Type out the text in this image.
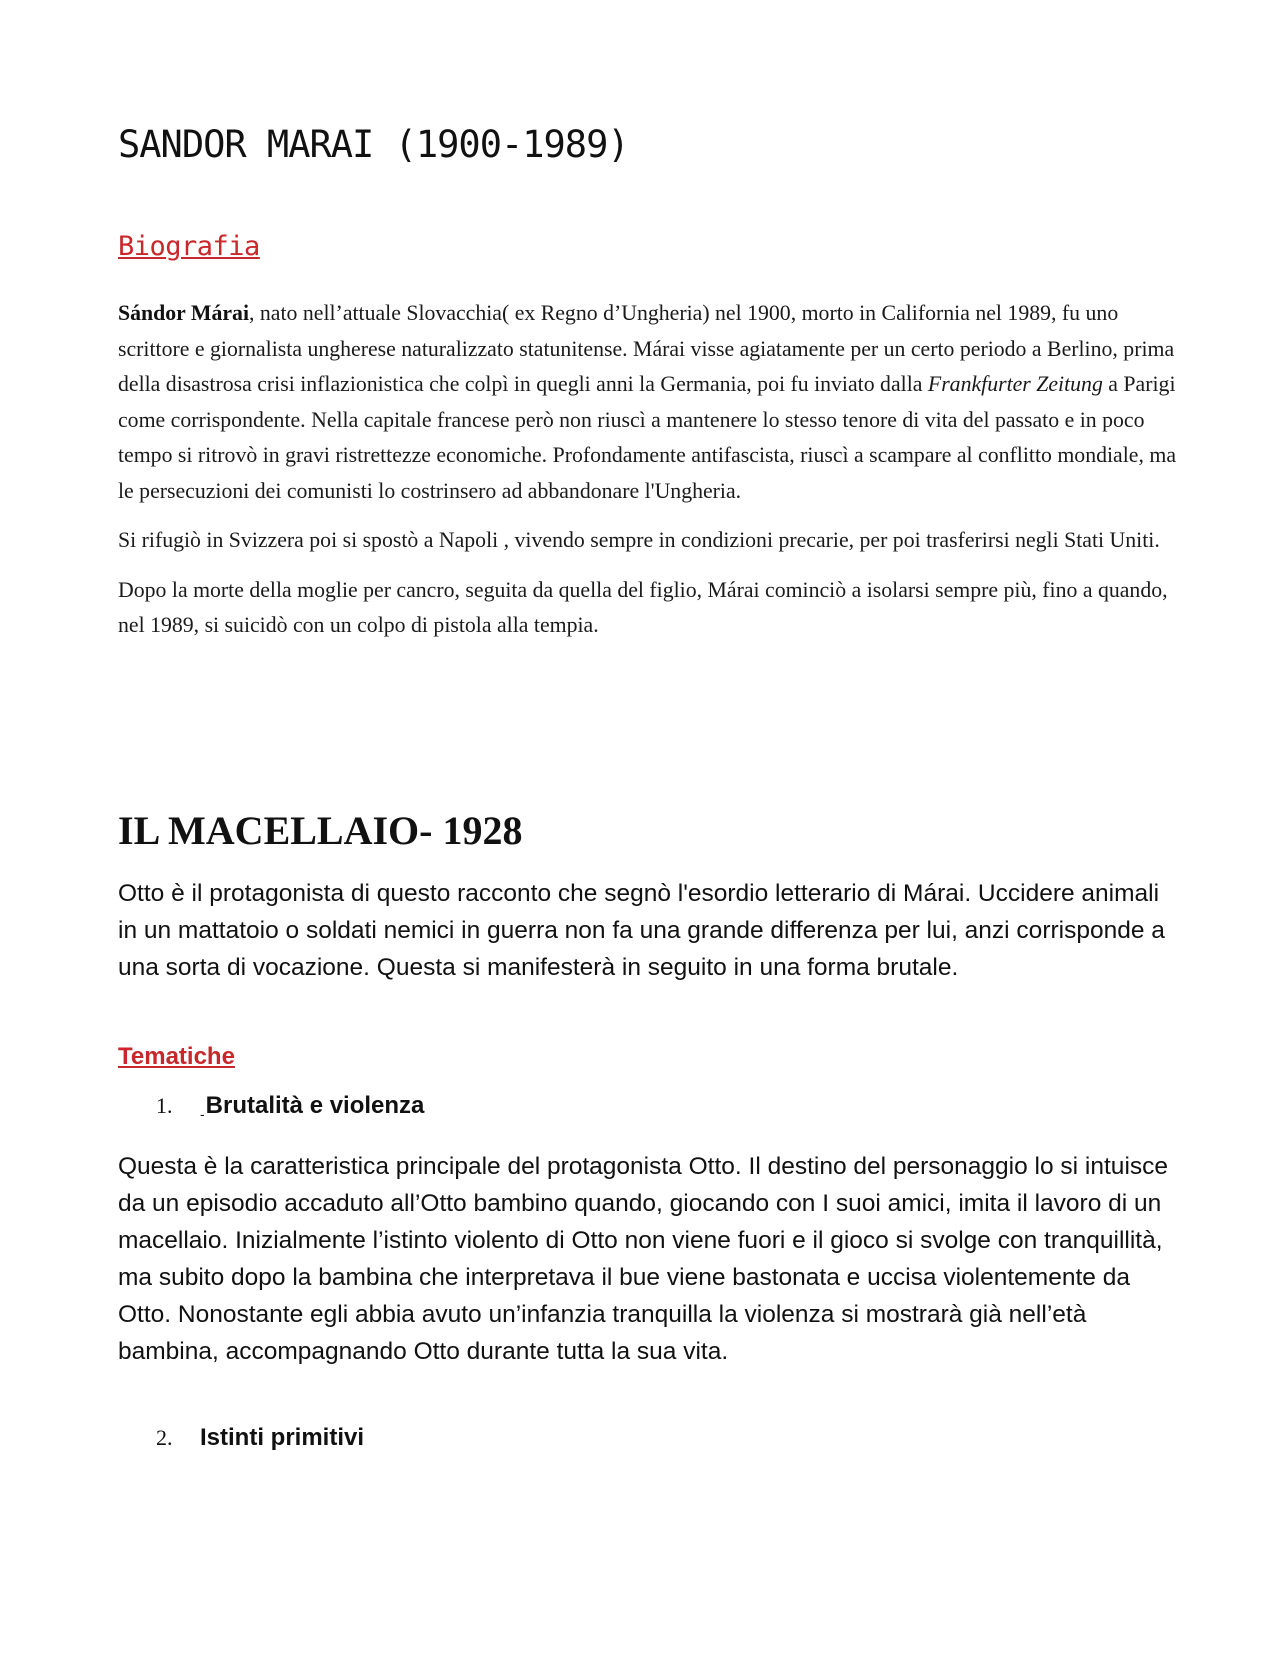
SANDOR MARAI (1900-1989)
Biografia

Sándor Márai, nato nell’attuale Slovacchia( ex Regno d’Ungheria) nel 1900, morto in California nel 1989, fu uno scrittore e giornalista ungherese naturalizzato statunitense. Márai visse agiatamente per un certo periodo a Berlino, prima della disastrosa crisi inflazionistica che colpì in quegli anni la Germania, poi fu inviato dalla Frankfurter Zeitung a Parigi come corrispondente. Nella capitale francese però non riuscì a mantenere lo stesso tenore di vita del passato e in poco tempo si ritrovò in gravi ristrettezze economiche. Profondamente antifascista, riuscì a scampare al conflitto mondiale, ma le persecuzioni dei comunisti lo costrinsero ad abbandonare l'Ungheria.

Si rifugiò in Svizzera poi si spostò a Napoli , vivendo sempre in condizioni precarie, per poi trasferirsi negli Stati Uniti.

Dopo la morte della moglie per cancro, seguita da quella del figlio, Márai cominciò a isolarsi sempre più, fino a quando, nel 1989, si suicidò con un colpo di pistola alla tempia.

IL MACELLAIO- 1928

Otto è il protagonista di questo racconto che segnò l'esordio letterario di Márai. Uccidere animali in un mattatoio o soldati nemici in guerra non fa una grande differenza per lui, anzi corrisponde a una sorta di vocazione. Questa si manifesterà in seguito in una forma brutale.

Tematiche
1. $_-$Brutalità e violenza

Questa è la caratteristica principale del protagonista Otto. Il destino del personaggio lo si intuisce da un episodio accaduto all’Otto bambino quando, giocando con I suoi amici, imita il lavoro di un macellaio. Inizialmente l’istinto violento di Otto non viene fuori e il gioco si svolge con tranquillità, ma subito dopo la bambina che interpretava il bue viene bastonata e uccisa violentemente da Otto. Nonostante egli abbia avuto un’infanzia tranquilla la violenza si mostrarà già nell’età bambina, accompagnando Otto durante tutta la sua vita.

2. Istinti primitivi
